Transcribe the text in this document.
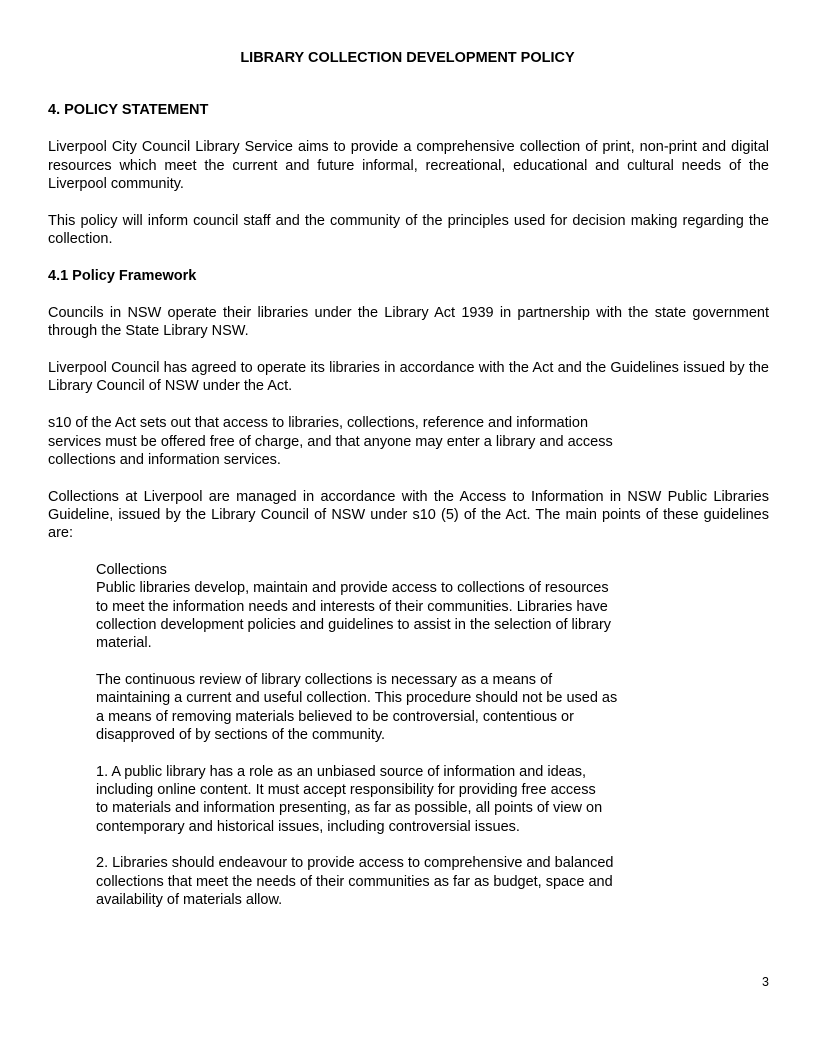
LIBRARY COLLECTION DEVELOPMENT POLICY
4. POLICY STATEMENT

Liverpool City Council Library Service aims to provide a comprehensive collection of print, non-print and digital resources which meet the current and future informal, recreational, educational and cultural needs of the Liverpool community.

This policy will inform council staff and the community of the principles used for decision making regarding the collection.

4.1 Policy Framework

Councils in NSW operate their libraries under the Library Act 1939 in partnership with the state government through the State Library NSW.

Liverpool Council has agreed to operate its libraries in accordance with the Act and the Guidelines issued by the Library Council of NSW under the Act.

s10 of the Act sets out that access to libraries, collections, reference and information
services must be offered free of charge, and that anyone may enter a library and access
collections and information services.

Collections at Liverpool are managed in accordance with the Access to Information in NSW Public Libraries Guideline, issued by the Library Council of NSW under s10 (5) of the Act. The main points of these guidelines are:

Collections
Public libraries develop, maintain and provide access to collections of resources
to meet the information needs and interests of their communities. Libraries have
collection development policies and guidelines to assist in the selection of library
material.
The continuous review of library collections is necessary as a means of
maintaining a current and useful collection. This procedure should not be used as
a means of removing materials believed to be controversial, contentious or
disapproved of by sections of the community.
1. A public library has a role as an unbiased source of information and ideas,
including online content. It must accept responsibility for providing free access
to materials and information presenting, as far as possible, all points of view on
contemporary and historical issues, including controversial issues.
2. Libraries should endeavour to provide access to comprehensive and balanced
collections that meet the needs of their communities as far as budget, space and
availability of materials allow.
3
